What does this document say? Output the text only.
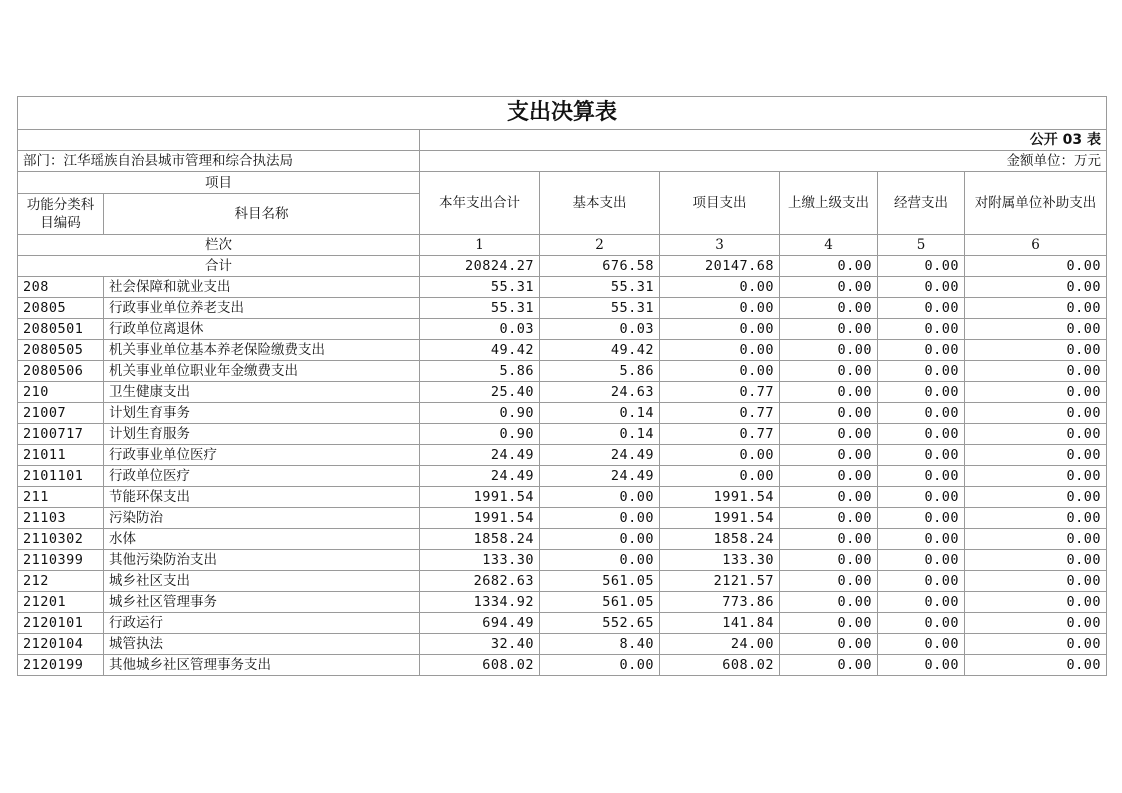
支出决算表							
		公开 03 表					
部门：江华瑶族自治县城市管理和综合执法局		金额单位：万元					
项目		本年支出合计	基本支出	项目支出	上缴上级支出	经营支出	对附属单位补助支出
功能分类科目编码	科目名称						
栏次		1	2	3	4	5	6
合计		20824.27	676.58	20147.68	0.00	0.00	0.00
208	社会保障和就业支出	55.31	55.31	0.00	0.00	0.00	0.00
20805	行政事业单位养老支出	55.31	55.31	0.00	0.00	0.00	0.00
2080501	行政单位离退休	0.03	0.03	0.00	0.00	0.00	0.00
2080505	机关事业单位基本养老保险缴费支出	49.42	49.42	0.00	0.00	0.00	0.00
2080506	机关事业单位职业年金缴费支出	5.86	5.86	0.00	0.00	0.00	0.00
210	卫生健康支出	25.40	24.63	0.77	0.00	0.00	0.00
21007	计划生育事务	0.90	0.14	0.77	0.00	0.00	0.00
2100717	计划生育服务	0.90	0.14	0.77	0.00	0.00	0.00
21011	行政事业单位医疗	24.49	24.49	0.00	0.00	0.00	0.00
2101101	行政单位医疗	24.49	24.49	0.00	0.00	0.00	0.00
211	节能环保支出	1991.54	0.00	1991.54	0.00	0.00	0.00
21103	污染防治	1991.54	0.00	1991.54	0.00	0.00	0.00
2110302	水体	1858.24	0.00	1858.24	0.00	0.00	0.00
2110399	其他污染防治支出	133.30	0.00	133.30	0.00	0.00	0.00
212	城乡社区支出	2682.63	561.05	2121.57	0.00	0.00	0.00
21201	城乡社区管理事务	1334.92	561.05	773.86	0.00	0.00	0.00
2120101	行政运行	694.49	552.65	141.84	0.00	0.00	0.00
2120104	城管执法	32.40	8.40	24.00	0.00	0.00	0.00
2120199	其他城乡社区管理事务支出	608.02	0.00	608.02	0.00	0.00	0.00
